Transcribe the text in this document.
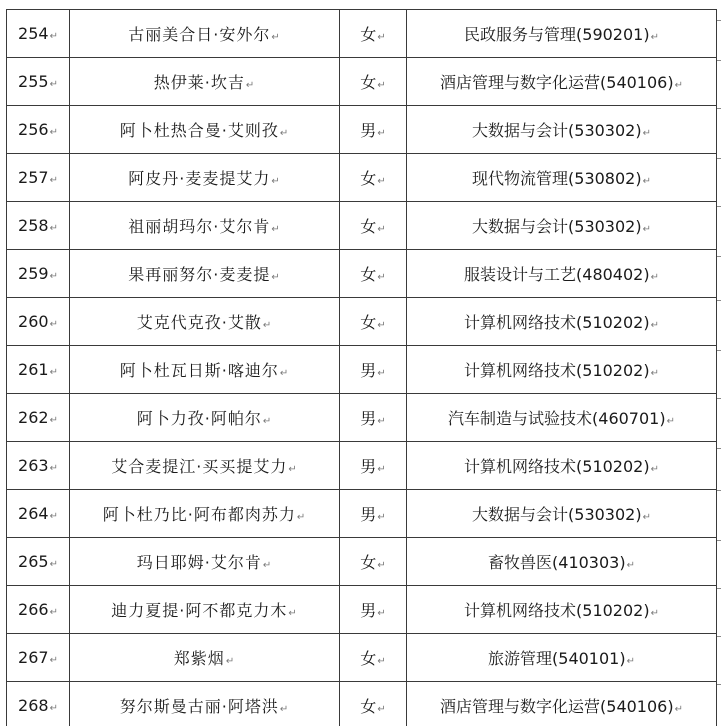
254↵	古丽美合日·安外尔↵	女↵	民政服务与管理(590201)↵
255↵	热伊莱·坎吉↵	女↵	酒店管理与数字化运营(540106)↵
256↵	阿卜杜热合曼·艾则孜↵	男↵	大数据与会计(530302)↵
257↵	阿皮丹·麦麦提艾力↵	女↵	现代物流管理(530802)↵
258↵	祖丽胡玛尔·艾尔肯↵	女↵	大数据与会计(530302)↵
259↵	果再丽努尔·麦麦提↵	女↵	服装设计与工艺(480402)↵
260↵	艾克代克孜·艾散↵	女↵	计算机网络技术(510202)↵
261↵	阿卜杜瓦日斯·喀迪尔↵	男↵	计算机网络技术(510202)↵
262↵	阿卜力孜·阿帕尔↵	男↵	汽车制造与试验技术(460701)↵
263↵	艾合麦提江·买买提艾力↵	男↵	计算机网络技术(510202)↵
264↵	阿卜杜乃比·阿布都肉苏力↵	男↵	大数据与会计(530302)↵
265↵	玛日耶姆·艾尔肯↵	女↵	畜牧兽医(410303)↵
266↵	迪力夏提·阿不都克力木↵	男↵	计算机网络技术(510202)↵
267↵	郑紫烟↵	女↵	旅游管理(540101)↵
268↵	努尔斯曼古丽·阿塔洪↵	女↵	酒店管理与数字化运营(540106)↵
